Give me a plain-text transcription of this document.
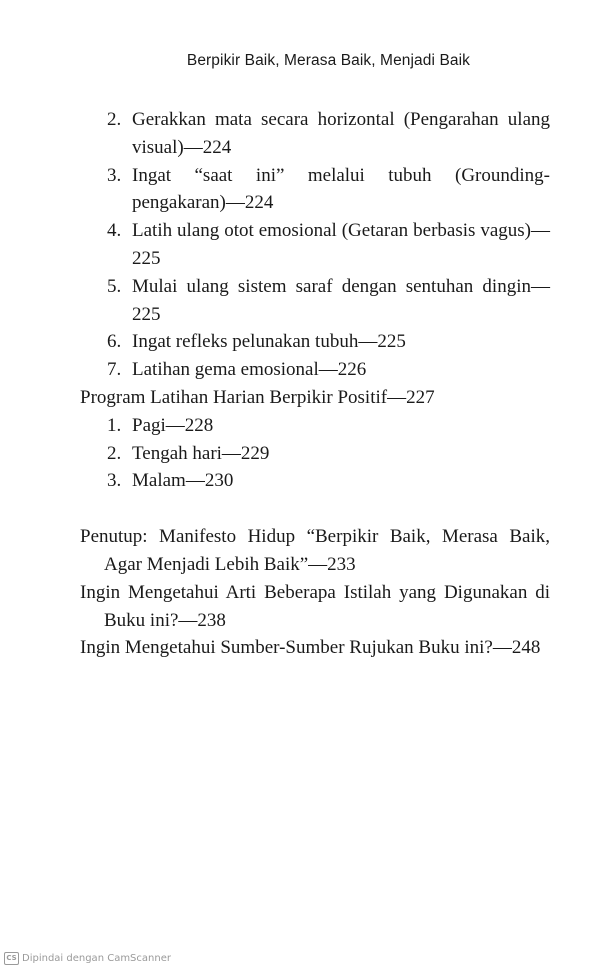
Berpikir Baik, Merasa Baik, Menjadi Baik
2. Gerakkan mata secara horizontal (Pengarahan ulang visual)—224
3. Ingat “saat ini” melalui tubuh (Grounding-pengakaran)—224
4. Latih ulang otot emosional (Getaran berbasis vagus)—225
5. Mulai ulang sistem saraf dengan sentuhan dingin—225
6. Ingat refleks pelunakan tubuh—225
7. Latihan gema emosional—226
Program Latihan Harian Berpikir Positif—227
1. Pagi—228
2. Tengah hari—229
3. Malam—230
Penutup: Manifesto Hidup “Berpikir Baik, Merasa Baik, Agar Menjadi Lebih Baik”—233
Ingin Mengetahui Arti Beberapa Istilah yang Digunakan di Buku ini?—238
Ingin Mengetahui Sumber-Sumber Rujukan Buku ini?—248
CS Dipindai dengan CamScanner
